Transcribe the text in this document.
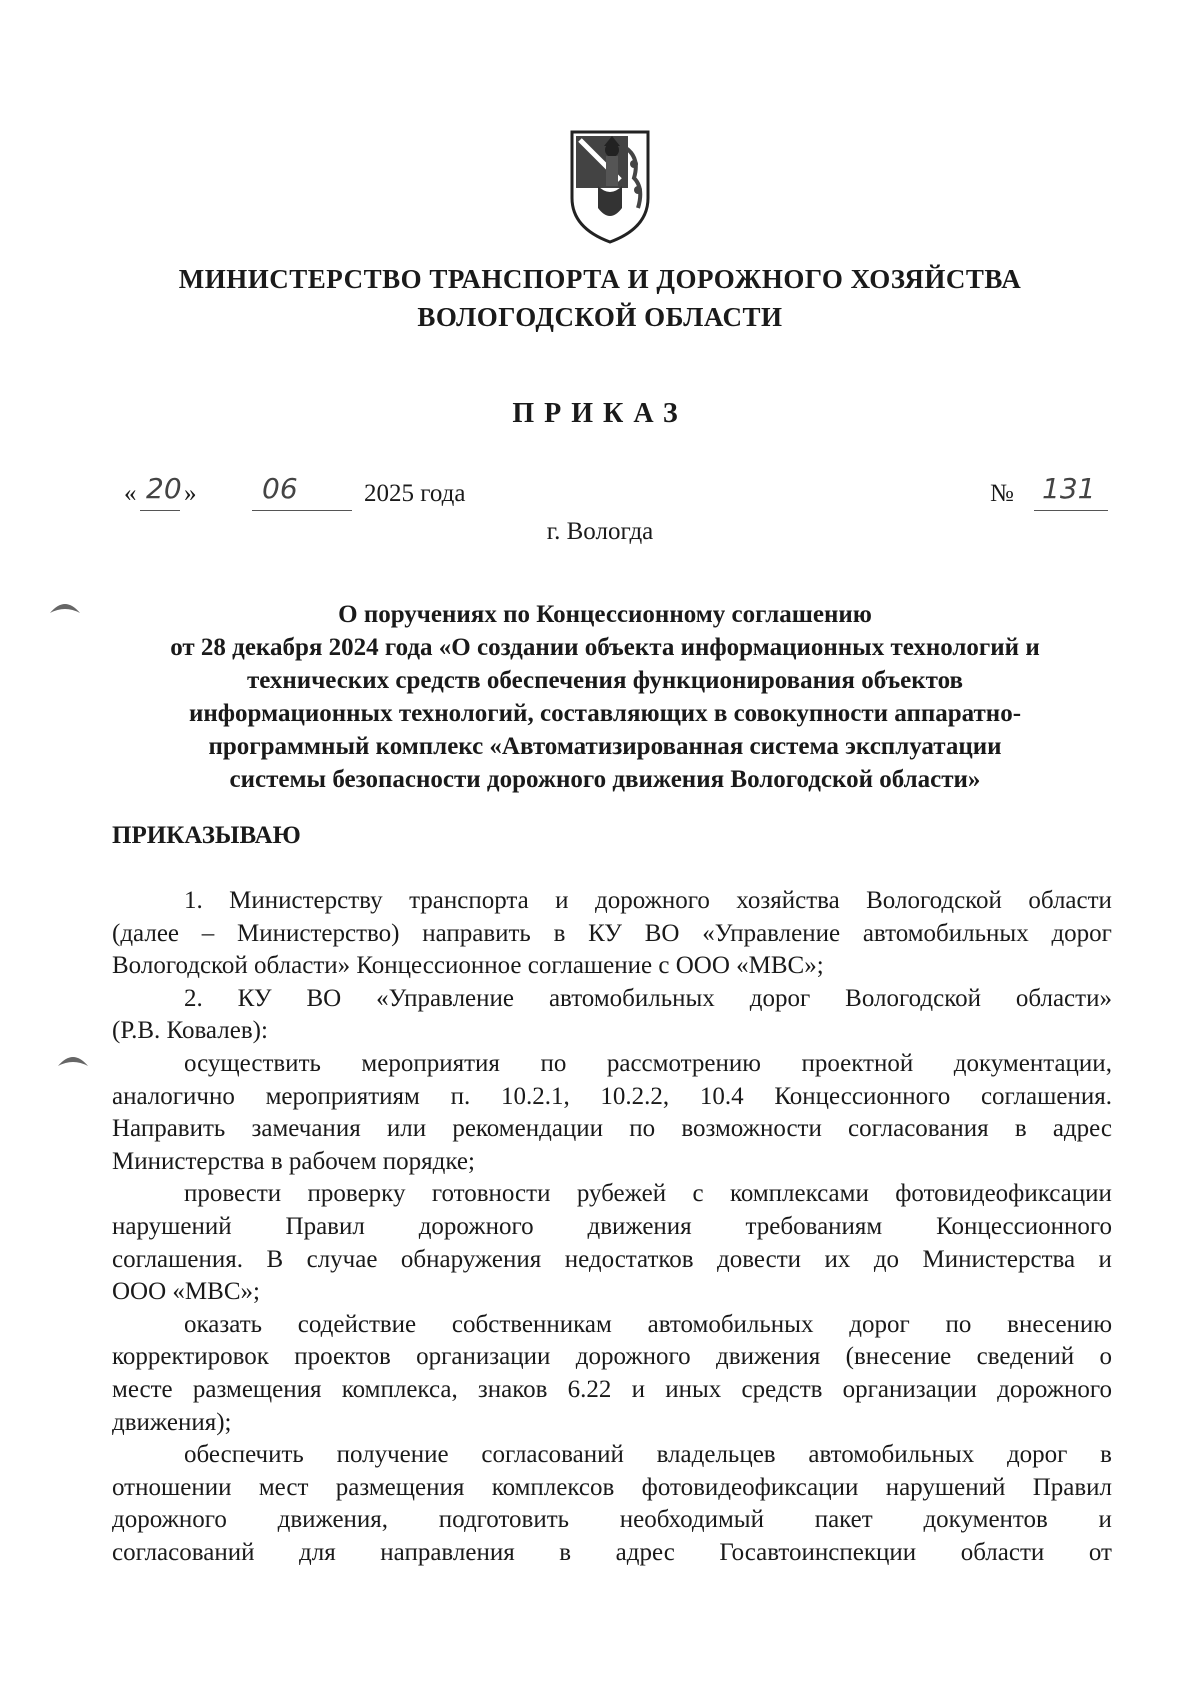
МИНИСТЕРСТВО ТРАНСПОРТА И ДОРОЖНОГО ХОЗЯЙСТВА
ВОЛОГОДСКОЙ ОБЛАСТИ
ПРИКАЗ
« 20 » 06	2025 года	№ 131
г. Вологда
О поручениях по Концессионному соглашению
от 28 декабря 2024 года «О создании объекта информационных технологий и
технических средств обеспечения функционирования объектов
информационных технологий, составляющих в совокупности аппаратно-
программный комплекс «Автоматизированная система эксплуатации
системы безопасности дорожного движения Вологодской области»
ПРИКАЗЫВАЮ
1. Министерству транспорта и дорожного хозяйства Вологодской области
(далее – Министерство) направить в КУ ВО «Управление автомобильных дорог
Вологодской области» Концессионное соглашение с ООО «МВС»;
2. КУ ВО «Управление автомобильных дорог Вологодской области»
(Р.В. Ковалев):
осуществить мероприятия по рассмотрению проектной документации,
аналогично мероприятиям п. 10.2.1, 10.2.2, 10.4 Концессионного соглашения.
Направить замечания или рекомендации по возможности согласования в адрес
Министерства в рабочем порядке;
провести проверку готовности рубежей с комплексами фотовидеофиксации
нарушений Правил дорожного движения требованиям Концессионного
соглашения. В случае обнаружения недостатков довести их до Министерства и
ООО «МВС»;
оказать содействие собственникам автомобильных дорог по внесению
корректировок проектов организации дорожного движения (внесение сведений о
месте размещения комплекса, знаков 6.22 и иных средств организации дорожного
движения);
обеспечить получение согласований владельцев автомобильных дорог в
отношении мест размещения комплексов фотовидеофиксации нарушений Правил
дорожного движения, подготовить необходимый пакет документов и
согласований для направления в адрес Госавтоинспекции области от
